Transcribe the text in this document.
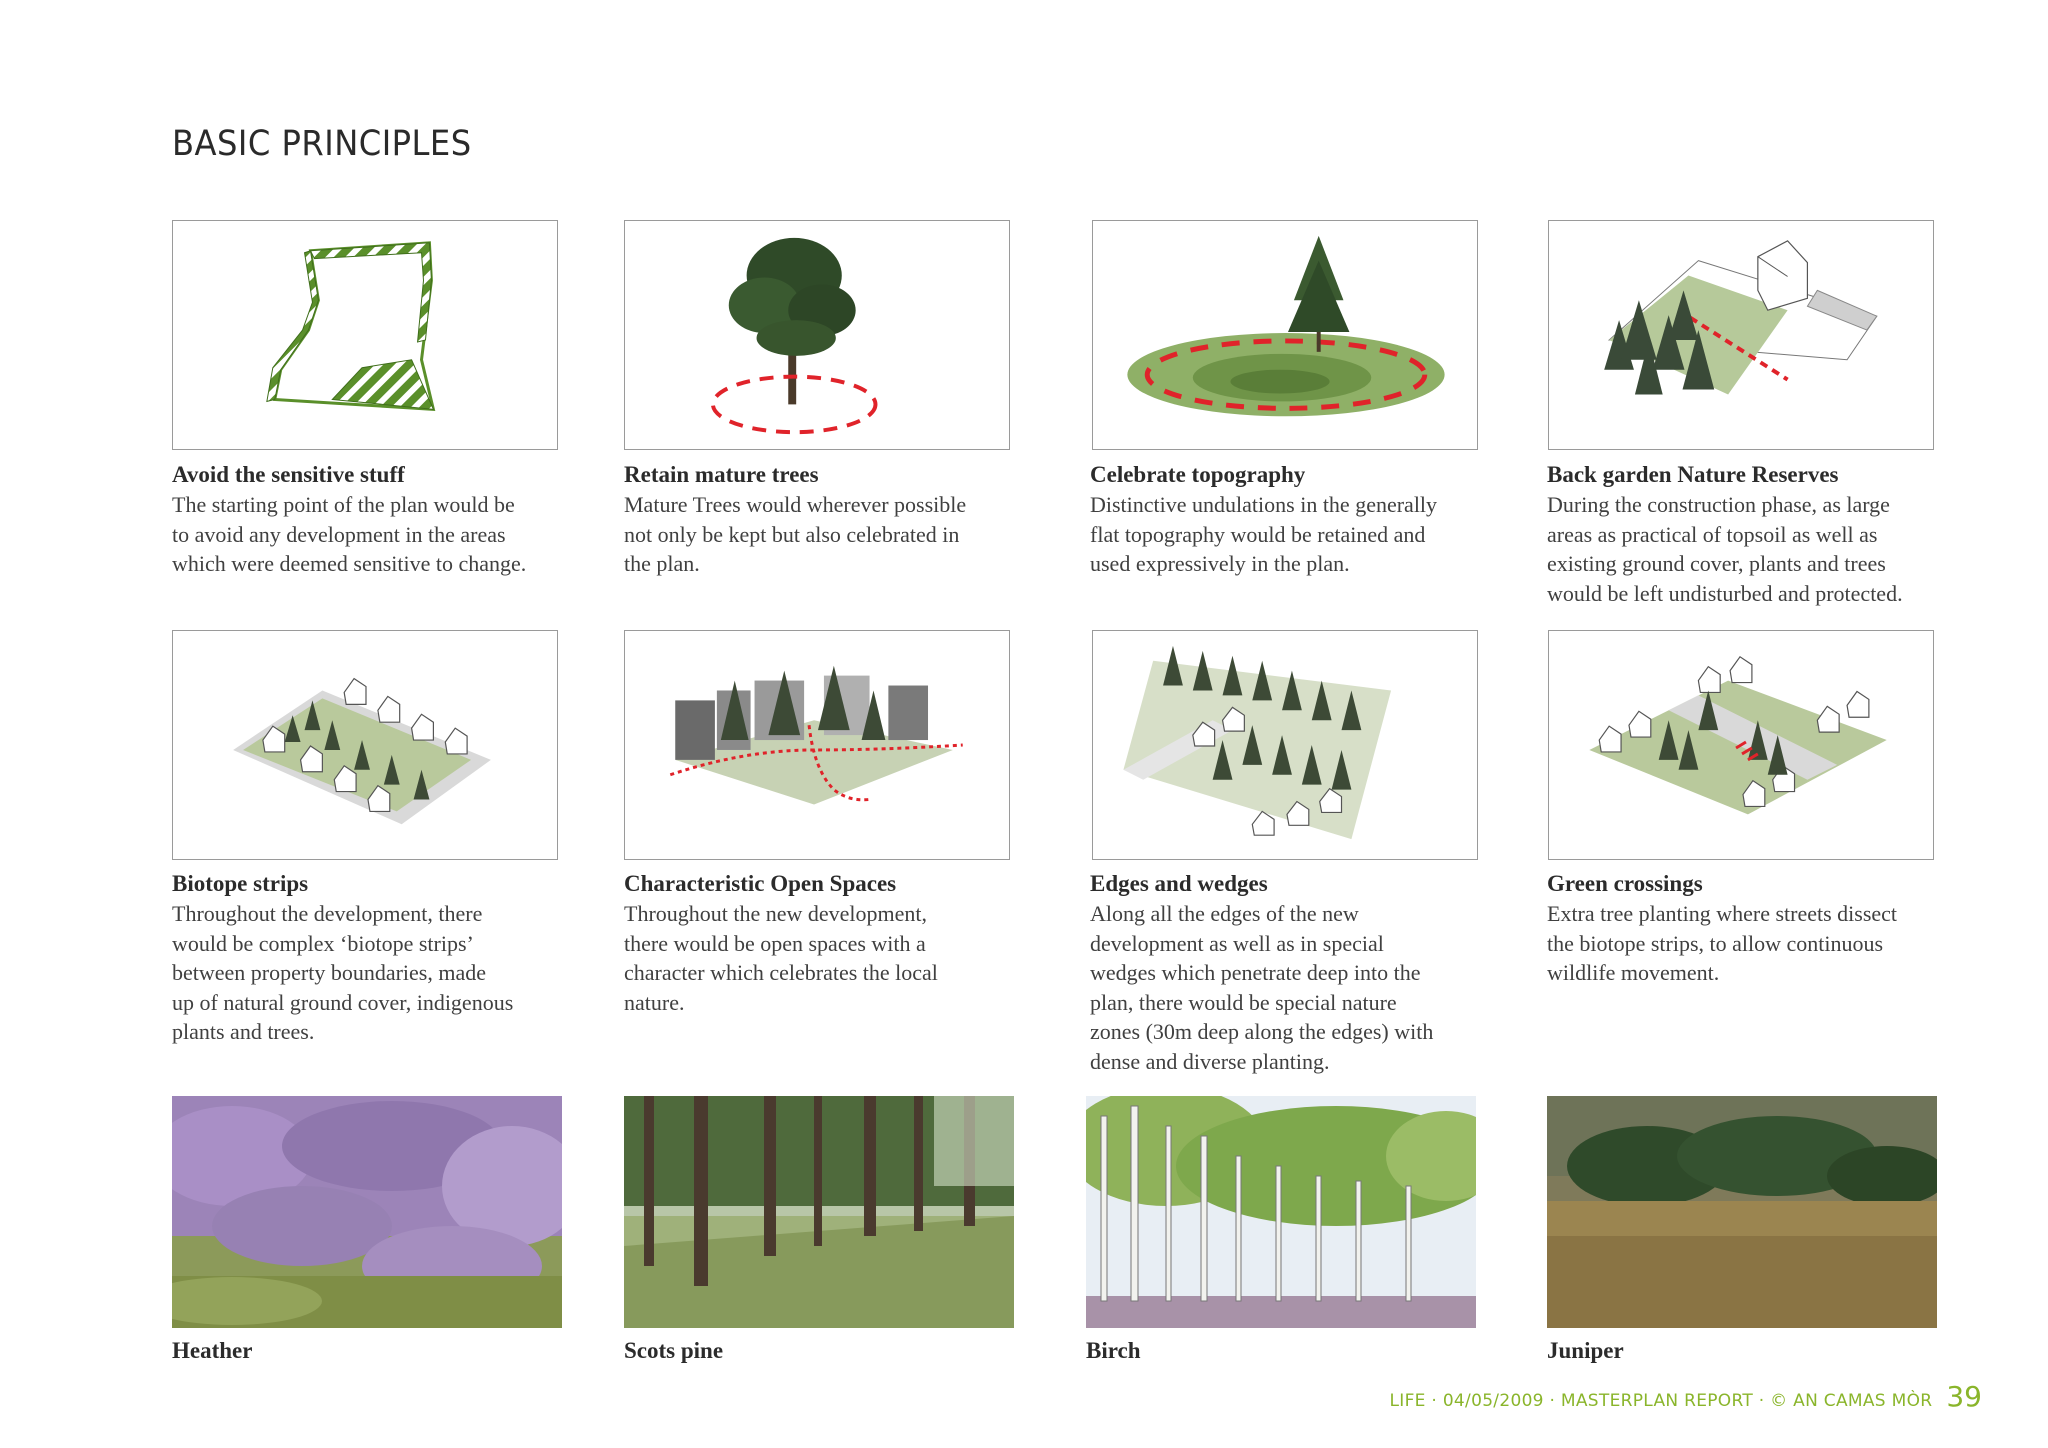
BASIC PRINCIPLES
Avoid the sensitive stuff
The starting point of the plan would be
to avoid any development in the areas
which were deemed sensitive to change.
Retain mature trees
Mature Trees would wherever possible
not only be kept but also celebrated in
the plan.
Celebrate topography
Distinctive undulations in the generally
flat topography would be retained and
used expressively in the plan.
Back garden Nature Reserves
During the construction phase, as large
areas as practical of topsoil as well as
existing ground cover, plants and trees
would be left undisturbed and protected.
Biotope strips
Throughout the development, there
would be complex ‘biotope strips’
between property boundaries, made
up of natural ground cover, indigenous
plants and trees.
Characteristic Open Spaces
Throughout the new development,
there would be open spaces with a
character which celebrates the local
nature.
Edges and wedges
Along all the edges of the new
development as well as in special
wedges which penetrate deep into the
plan, there would be special nature
zones (30m deep along the edges) with
dense and diverse planting.
Green crossings
Extra tree planting where streets dissect
the biotope strips, to allow continuous
wildlife movement.
Heather	Scots pine	Birch	Juniper
LIFE · 04/05/2009 · MASTERPLAN REPORT · © AN CAMAS MÒR 39
